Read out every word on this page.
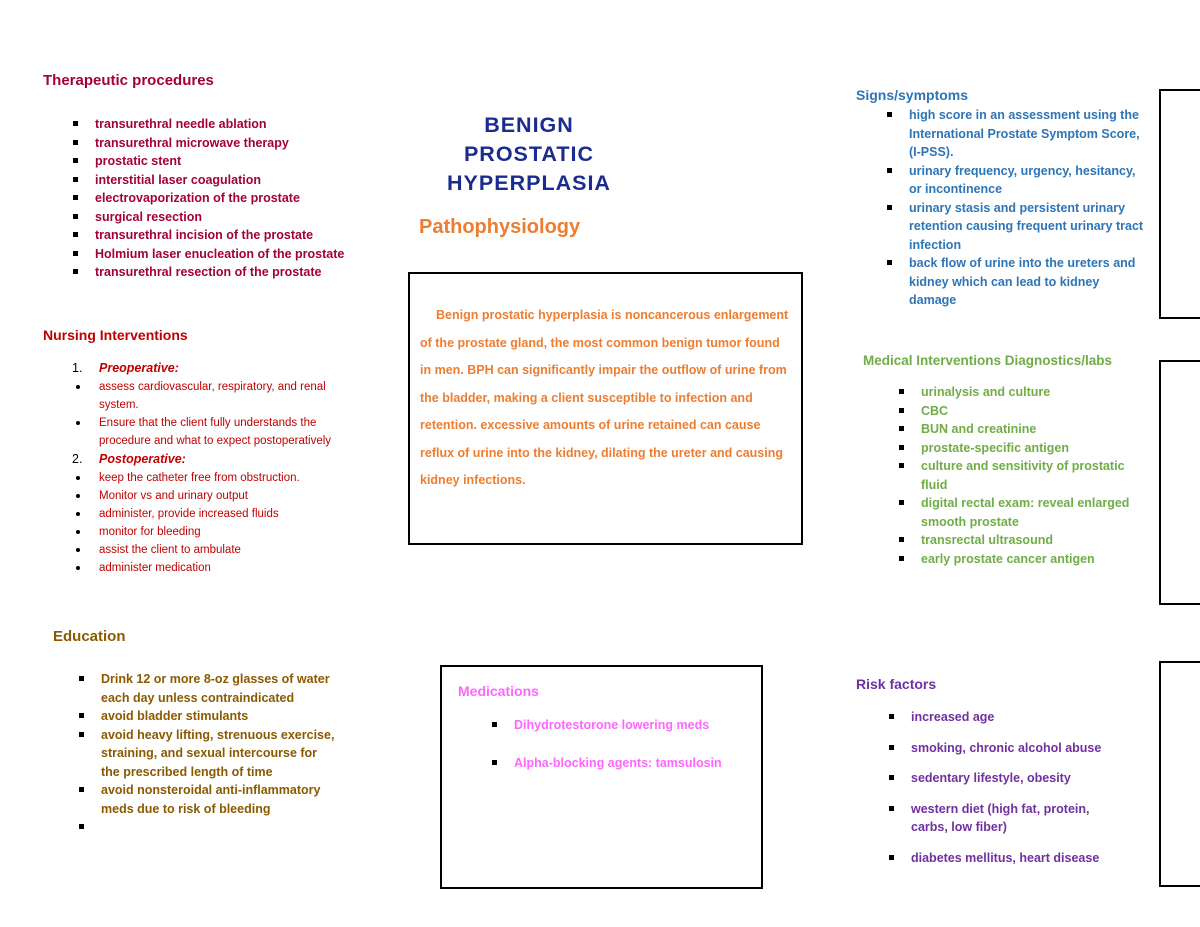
Therapeutic procedures
transurethral needle ablation
transurethral microwave therapy
prostatic stent
interstitial laser coagulation
electrovaporization of the prostate
surgical resection
transurethral incision of the prostate
Holmium laser enucleation of the prostate
transurethral resection of the prostate
Nursing Interventions
1. Preoperative:
assess cardiovascular, respiratory, and renal system.
Ensure that the client fully understands the procedure and what to expect postoperatively
2. Postoperative:
keep the catheter free from obstruction.
Monitor vs and urinary output
administer, provide increased fluids
monitor for bleeding
assist the client to ambulate
administer medication
Education
Drink 12 or more 8-oz glasses of water each day unless contraindicated
avoid bladder stimulants
avoid heavy lifting, strenuous exercise, straining, and sexual intercourse for the prescribed length of time
avoid nonsteroidal anti-inflammatory meds due to risk of bleeding
BENIGN
PROSTATIC
HYPERPLASIA
Pathophysiology

Benign prostatic hyperplasia is noncancerous enlargement of the prostate gland, the most common benign tumor found in men. BPH can significantly impair the outflow of urine from the bladder, making a client susceptible to infection and retention. excessive amounts of urine retained can cause reflux of urine into the kidney, dilating the ureter and causing kidney infections.

Medications
Dihydrotestorone lowering meds
Alpha-blocking agents: tamsulosin
Signs/symptoms
high score in an assessment using the International Prostate Symptom Score, (I-PSS).
urinary frequency, urgency, hesitancy, or incontinence
urinary stasis and persistent urinary retention causing frequent urinary tract infection
back flow of urine into the ureters and kidney which can lead to kidney damage
Medical Interventions Diagnostics/labs
urinalysis and culture
CBC
BUN and creatinine
prostate-specific antigen
culture and sensitivity of prostatic fluid
digital rectal exam: reveal enlarged smooth prostate
transrectal ultrasound
early prostate cancer antigen
Risk factors
increased age
smoking, chronic alcohol abuse
sedentary lifestyle, obesity
western diet (high fat, protein, carbs, low fiber)
diabetes mellitus, heart disease
